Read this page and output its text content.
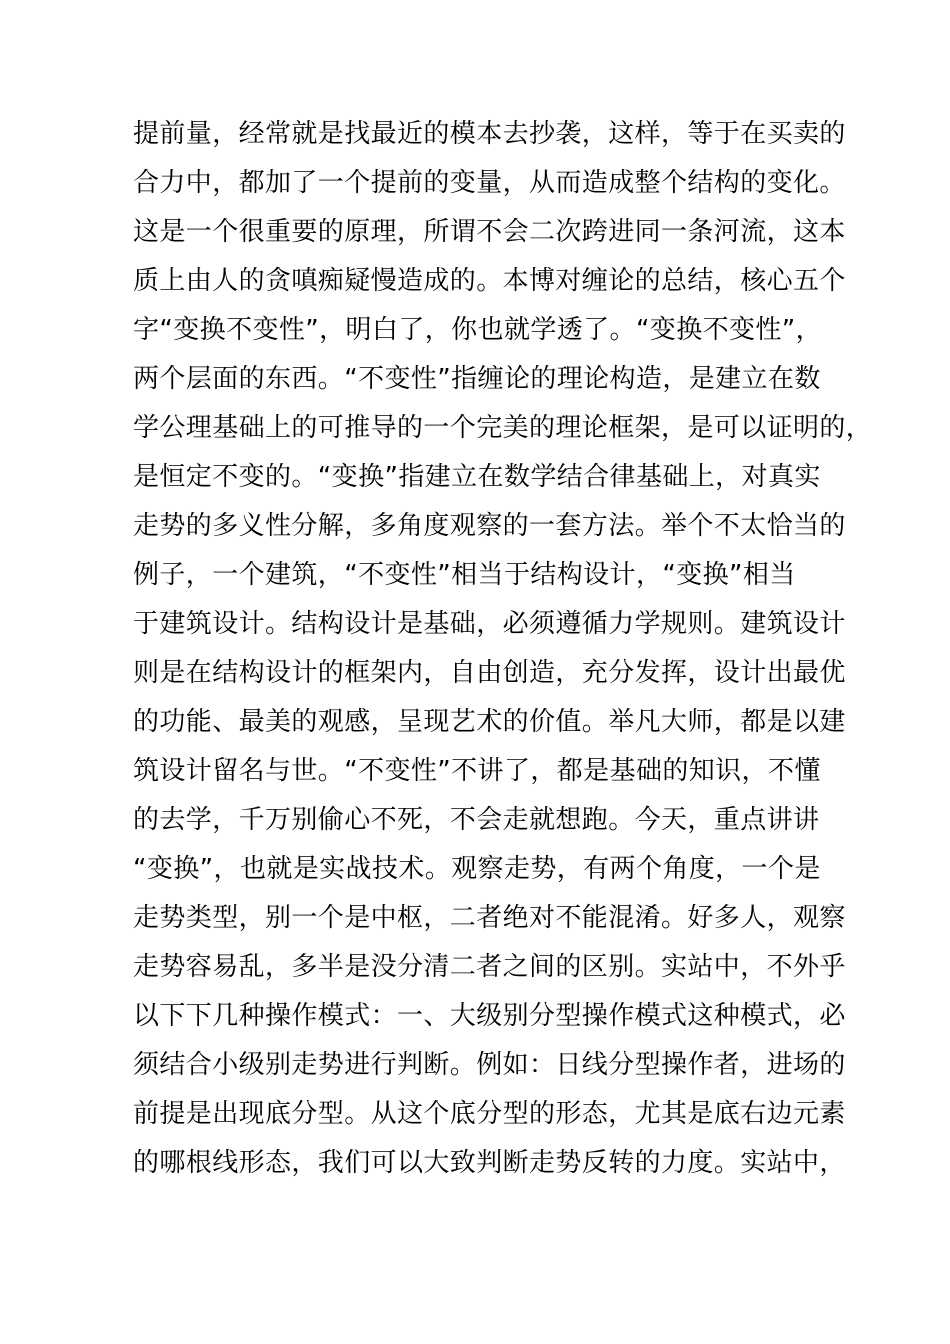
提前量，经常就是找最近的模本去抄袭，这样，等于在买卖的
合力中，都加了一个提前的变量，从而造成整个结构的变化。
这是一个很重要的原理，所谓不会二次跨进同一条河流，这本
质上由人的贪嗔痴疑慢造成的。本博对缠论的总结，核心五个
字“变换不变性”，明白了，你也就学透了。“变换不变性”，
两个层面的东西。“不变性”指缠论的理论构造，是建立在数
学公理基础上的可推导的一个完美的理论框架，是可以证明的，
是恒定不变的。“变换”指建立在数学结合律基础上，对真实
走势的多义性分解，多角度观察的一套方法。举个不太恰当的
例子，一个建筑，“不变性”相当于结构设计，“变换”相当
于建筑设计。结构设计是基础，必须遵循力学规则。建筑设计
则是在结构设计的框架内，自由创造，充分发挥，设计出最优
的功能、最美的观感，呈现艺术的价值。举凡大师，都是以建
筑设计留名与世。“不变性”不讲了，都是基础的知识，不懂
的去学，千万别偷心不死，不会走就想跑。今天，重点讲讲
“变换”，也就是实战技术。观察走势，有两个角度，一个是
走势类型，别一个是中枢，二者绝对不能混淆。好多人，观察
走势容易乱，多半是没分清二者之间的区别。实站中，不外乎
以下下几种操作模式：一、大级别分型操作模式这种模式，必
须结合小级别走势进行判断。例如：日线分型操作者，进场的
前提是出现底分型。从这个底分型的形态，尤其是底右边元素
的哪根线形态，我们可以大致判断走势反转的力度。实站中，
